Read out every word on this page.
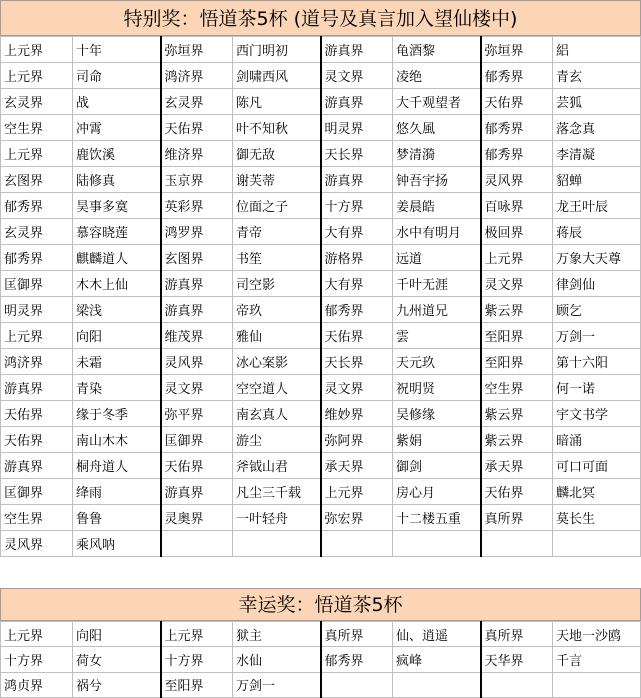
特别奖：悟道茶5杯 (道号及真言加入望仙楼中)
上元界	十年	弥垣界	西门明初	游真界	龟酒黎	弥垣界	絽
上元界	司命	鸿济界	剑啸西风	灵文界	凌绝	郁秀界	青玄
玄灵界	战	玄灵界	陈凡	游真界	大千观望者	天佑界	芸狐
空生界	冲霄	天佑界	叶不知秋	明灵界	悠久風	郁秀界	落念真
上元界	鹿饮溪	维济界	御无敌	天长界	梦清漪	郁秀界	李清凝
玄图界	陆修真	玉京界	谢芙蒂	游真界	钟吾宇扬	灵风界	貂蝉
郁秀界	昊事多寞	英彩界	位面之子	十方界	姜晨皓	百咏界	龙王叶辰
玄灵界	慕容晓莲	鸿罗界	青帝	大有界	水中有明月	极回界	蒋辰
郁秀界	麒麟道人	玄图界	书笙	游格界	远道	上元界	万象大天尊
匡御界	木木上仙	游真界	司空影	大有界	千叶无涯	灵文界	律剑仙
明灵界	梁浅	游真界	帝玖	郁秀界	九州道兄	紫云界	顾乞
上元界	向阳	维茂界	雅仙	天佑界	雲	至阳界	万剑一
鸿济界	未霜	灵风界	冰心案影	天长界	天元玖	至阳界	第十六阳
游真界	青染	灵文界	空空道人	灵文界	祝明贤	空生界	何一诺
天佑界	缘于冬季	弥平界	南玄真人	维妙界	吴修缘	紫云界	宇文书学
天佑界	南山木木	匡御界	游尘	弥阿界	紫娟	紫云界	暗涌
游真界	桐舟道人	天佑界	斧钺山君	承天界	御剑	承天界	可口可面
匡御界	绛雨	游真界	凡尘三千载	上元界	房心月	天佑界	麟北冥
空生界	鲁鲁	灵奥界	一叶轻舟	弥宏界	十二楼五重	真所界	莫长生
灵风界	乘风呐						
幸运奖：悟道茶5杯
上元界	向阳	上元界	狱主	真所界	仙、逍遥	真所界	天地一沙鸥
十方界	荷女	十方界	水仙	郁秀界	疯峰	天华界	千言
鸿贞界	祸兮	至阳界	万剑一				
